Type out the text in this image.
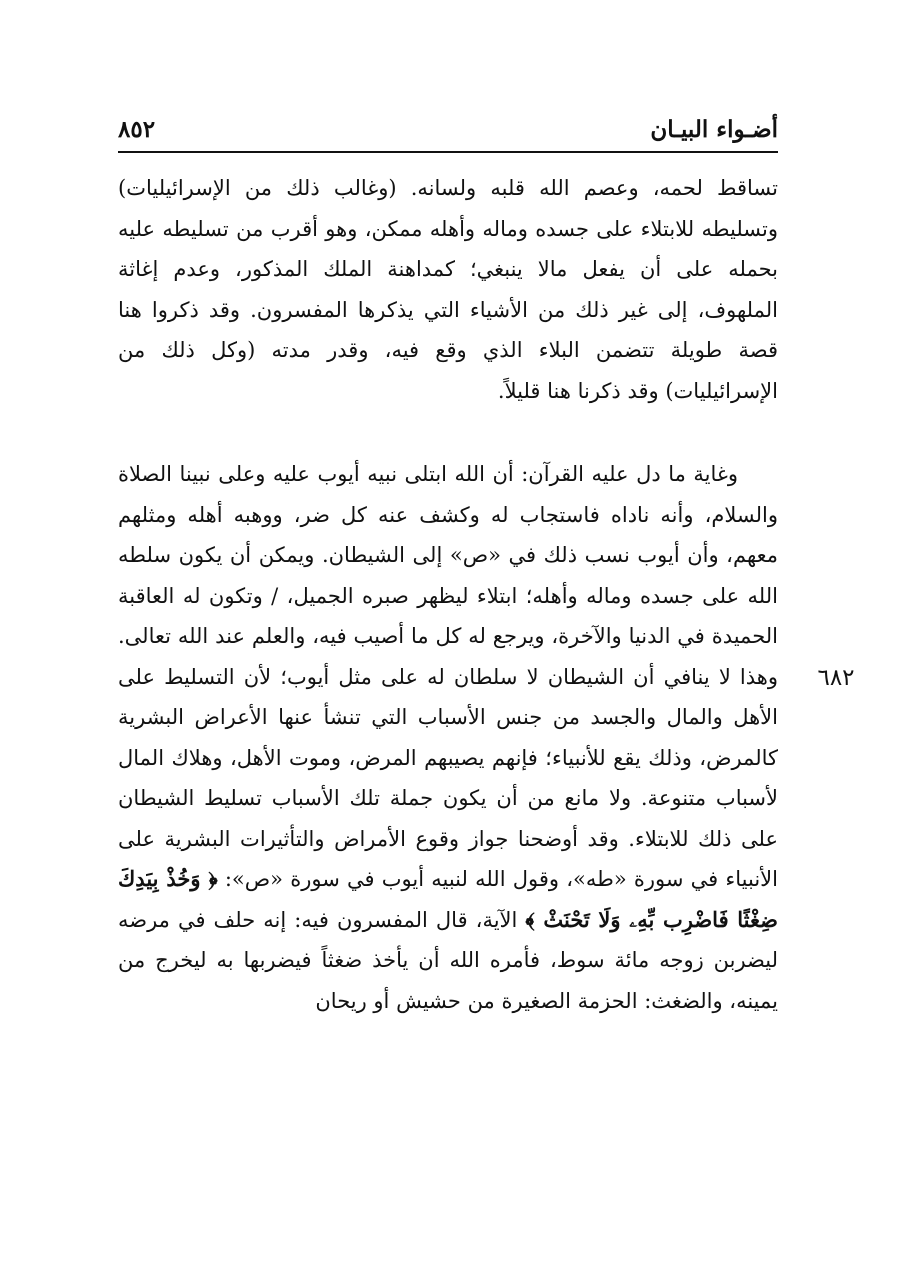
أضـواء البيـان
٨٥٢

تساقط لحمه، وعصم الله قلبه ولسانه. (وغالب ذلك من الإسرائيليات) وتسليطه للابتلاء على جسده وماله وأهله ممكن، وهو أقرب من تسليطه عليه بحمله على أن يفعل مالا ينبغي؛ كمداهنة الملك المذكور، وعدم إغاثة الملهوف، إلى غير ذلك من الأشياء التي يذكرها المفسرون. وقد ذكروا هنا قصة طويلة تتضمن البلاء الذي وقع فيه، وقدر مدته (وكل ذلك من الإسرائيليات) وقد ذكرنا هنا قليلاً.

وغاية ما دل عليه القرآن: أن الله ابتلى نبيه أيوب عليه وعلى نبينا الصلاة والسلام، وأنه ناداه فاستجاب له وكشف عنه كل ضر، ووهبه أهله ومثلهم معهم، وأن أيوب نسب ذلك في «ص» إلى الشيطان. ويمكن أن يكون سلطه الله على جسده وماله وأهله؛ ابتلاء ليظهر صبره الجميل، / وتكون له العاقبة الحميدة في الدنيا والآخرة، ويرجع له كل ما أصيب فيه، والعلم عند الله تعالى. وهذا لا ينافي أن الشيطان لا سلطان له على مثل أيوب؛ لأن التسليط على الأهل والمال والجسد من جنس الأسباب التي تنشأ عنها الأعراض البشرية كالمرض، وذلك يقع للأنبياء؛ فإنهم يصيبهم المرض، وموت الأهل، وهلاك المال لأسباب متنوعة. ولا مانع من أن يكون جملة تلك الأسباب تسليط الشيطان على ذلك للابتلاء. وقد أوضحنا جواز وقوع الأمراض والتأثيرات البشرية على الأنبياء في سورة «طه»، وقول الله لنبيه أيوب في سورة «ص»: ﴿ وَخُذْ بِيَدِكَ ضِغْثًا فَاضْرِب بِّهِۦ وَلَا تَحْنَثْ ﴾ الآية، قال المفسرون فيه: إنه حلف في مرضه ليضربن زوجه مائة سوط، فأمره الله أن يأخذ ضغثاً فيضربها به ليخرج من يمينه، والضغث: الحزمة الصغيرة من حشيش أو ريحان

٦٨٢
